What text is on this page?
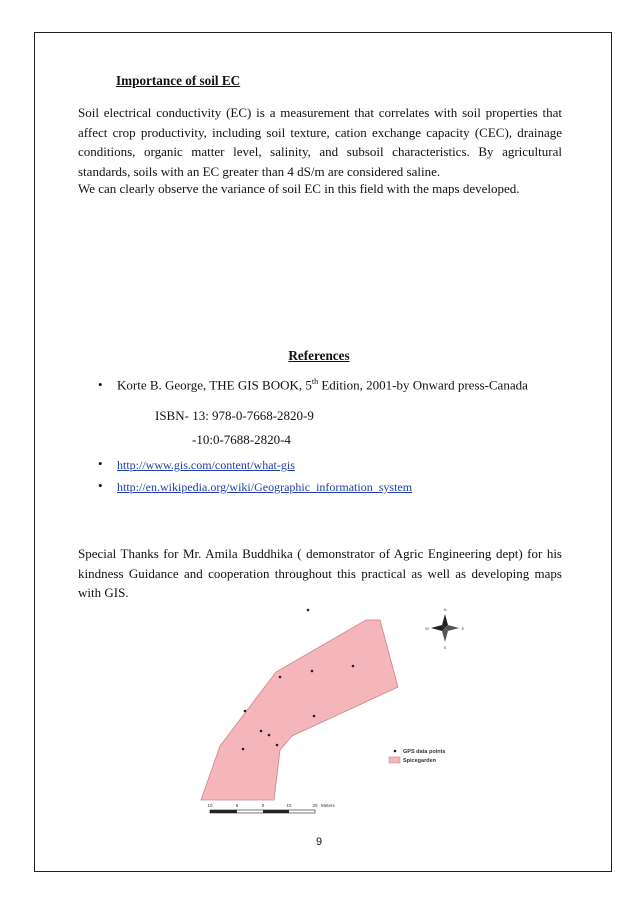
Importance of soil EC

Soil electrical conductivity (EC) is a measurement that correlates with soil properties that affect crop productivity, including soil texture, cation exchange capacity (CEC), drainage conditions, organic matter level, salinity, and subsoil characteristics. By agricultural standards, soils with an EC greater than 4 dS/m are considered saline.

We can clearly observe the variance of soil EC in this field with the maps developed.

References
• Korte B. George, THE GIS BOOK, 5th Edition, 2001-by Onward press-Canada
ISBN- 13: 978-0-7668-2820-9
-10:0-7688-2820-4
• http://www.gis.com/content/what-gis
• http://en.wikipedia.org/wiki/Geographic_information_system

Special Thanks for Mr. Amila Buddhika ( demonstrator of Agric Engineering dept) for his kindness Guidance and cooperation throughout this practical as well as developing maps with GIS.

N
S
E
W
GPS data points
Spicegarden
10	5	0	10	20 Meters
9
